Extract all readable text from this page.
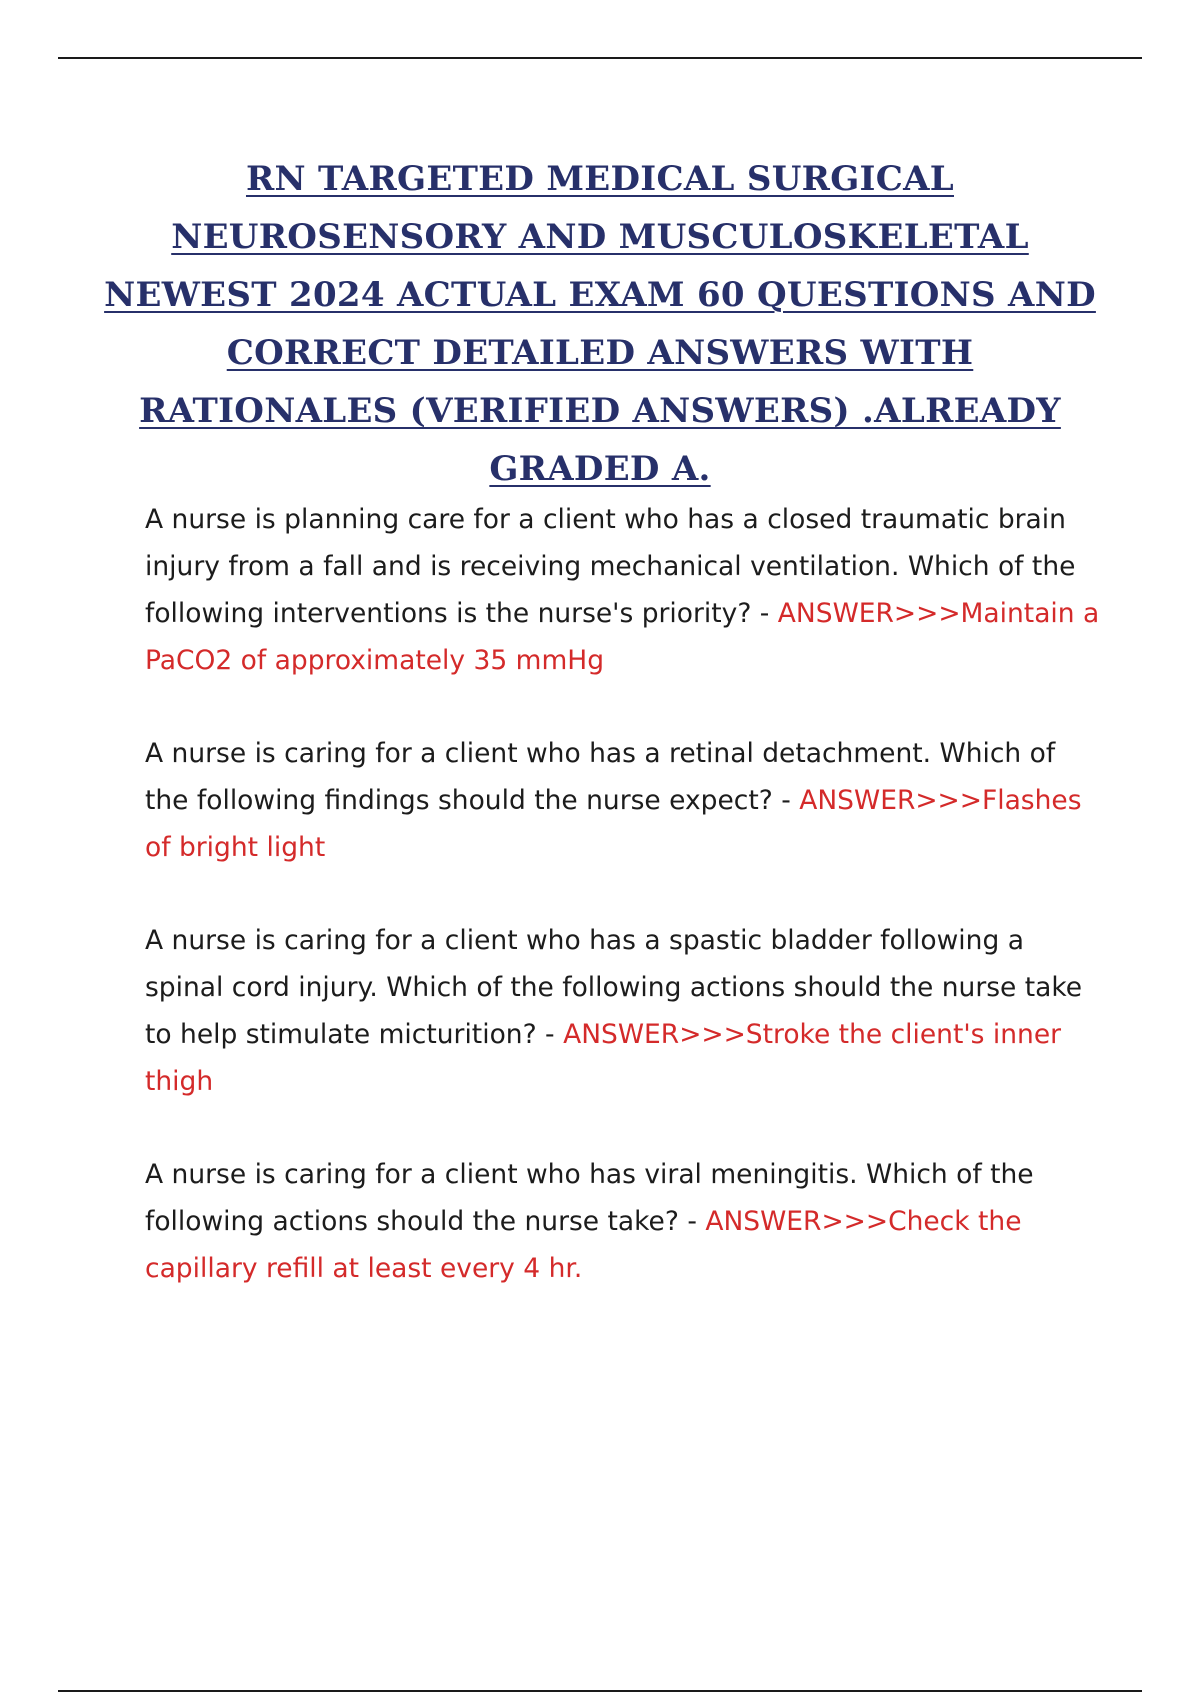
RN TARGETED MEDICAL SURGICAL NEUROSENSORY AND MUSCULOSKELETAL NEWEST 2024 ACTUAL EXAM 60 QUESTIONS AND CORRECT DETAILED ANSWERS WITH RATIONALES (VERIFIED ANSWERS) .ALREADY GRADED A.

A nurse is planning care for a client who has a closed traumatic brain injury from a fall and is receiving mechanical ventilation. Which of the following interventions is the nurse's priority? - ANSWER>>>Maintain a PaCO2 of approximately 35 mmHg

A nurse is caring for a client who has a retinal detachment. Which of the following findings should the nurse expect? - ANSWER>>>Flashes of bright light

A nurse is caring for a client who has a spastic bladder following a spinal cord injury. Which of the following actions should the nurse take to help stimulate micturition? - ANSWER>>>Stroke the client's inner thigh

A nurse is caring for a client who has viral meningitis. Which of the following actions should the nurse take? - ANSWER>>>Check the capillary refill at least every 4 hr.
